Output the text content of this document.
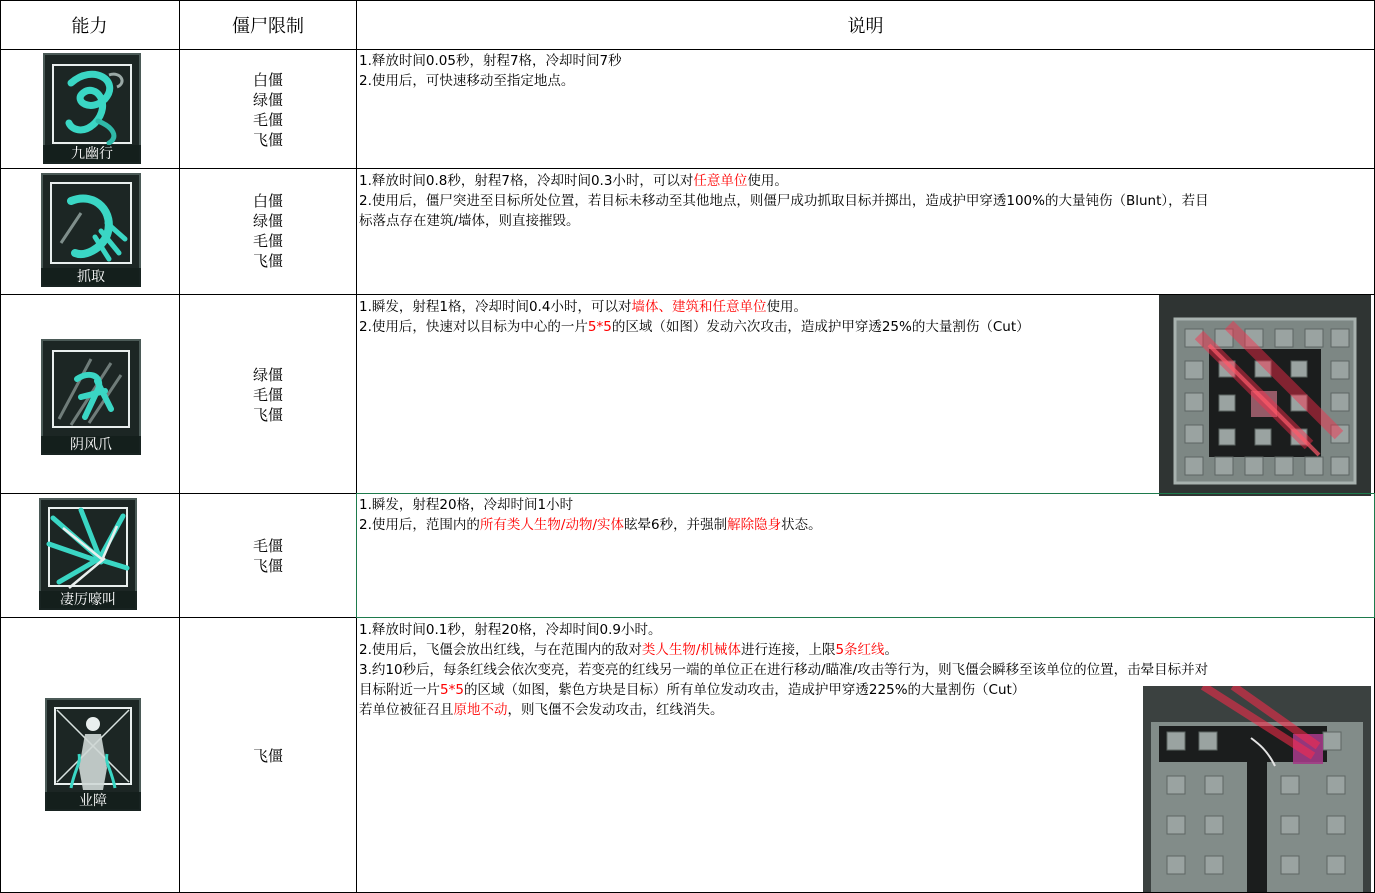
能力	僵尸限制	说明
九幽行
白僵
绿僵
毛僵
飞僵
1.释放时间0.05秒，射程7格，冷却时间7秒
2.使用后，可快速移动至指定地点。
抓取
白僵
绿僵
毛僵
飞僵
1.释放时间0.8秒，射程7格，冷却时间0.3小时，可以对任意单位使用。
2.使用后，僵尸突进至目标所处位置，若目标未移动至其他地点，则僵尸成功抓取目标并掷出，造成护甲穿透100%的大量钝伤（Blunt），若目
标落点存在建筑/墙体，则直接摧毁。
阴风爪
绿僵
毛僵
飞僵
1.瞬发，射程1格，冷却时间0.4小时，可以对墙体、建筑和任意单位使用。
2.使用后，快速对以目标为中心的一片5*5的区域（如图）发动六次攻击，造成护甲穿透25%的大量割伤（Cut）
凄厉嚎叫
毛僵
飞僵
1.瞬发，射程20格，冷却时间1小时
2.使用后，范围内的所有类人生物/动物/实体眩晕6秒，并强制解除隐身状态。
业障
飞僵
1.释放时间0.1秒，射程20格，冷却时间0.9小时。
2.使用后，飞僵会放出红线，与在范围内的敌对类人生物/机械体进行连接，上限5条红线。
3.约10秒后，每条红线会依次变亮，若变亮的红线另一端的单位正在进行移动/瞄准/攻击等行为，则飞僵会瞬移至该单位的位置，击晕目标并对
目标附近一片5*5的区域（如图，紫色方块是目标）所有单位发动攻击，造成护甲穿透225%的大量割伤（Cut）
若单位被征召且原地不动，则飞僵不会发动攻击，红线消失。
